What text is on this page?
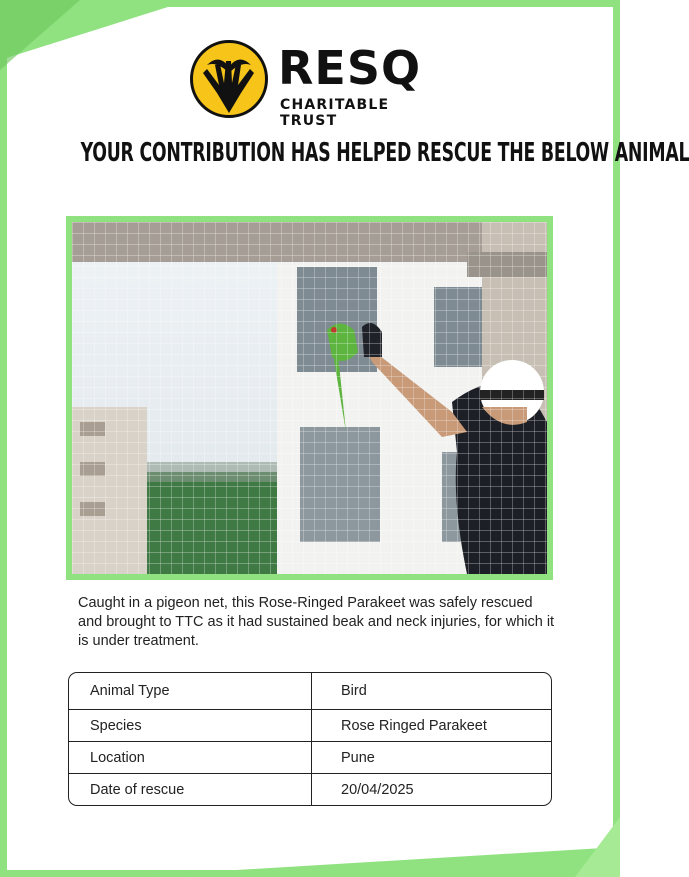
RESQ
CHARITABLE TRUST
YOUR CONTRIBUTION HAS HELPED RESCUE THE BELOW ANIMAL
Caught in a pigeon net, this Rose-Ringed Parakeet was safely rescued and brought to TTC as it had sustained beak and neck injuries, for which it is under treatment.
Animal Type	Bird
Species	Rose Ringed Parakeet
Location	Pune
Date of rescue	20/04/2025
